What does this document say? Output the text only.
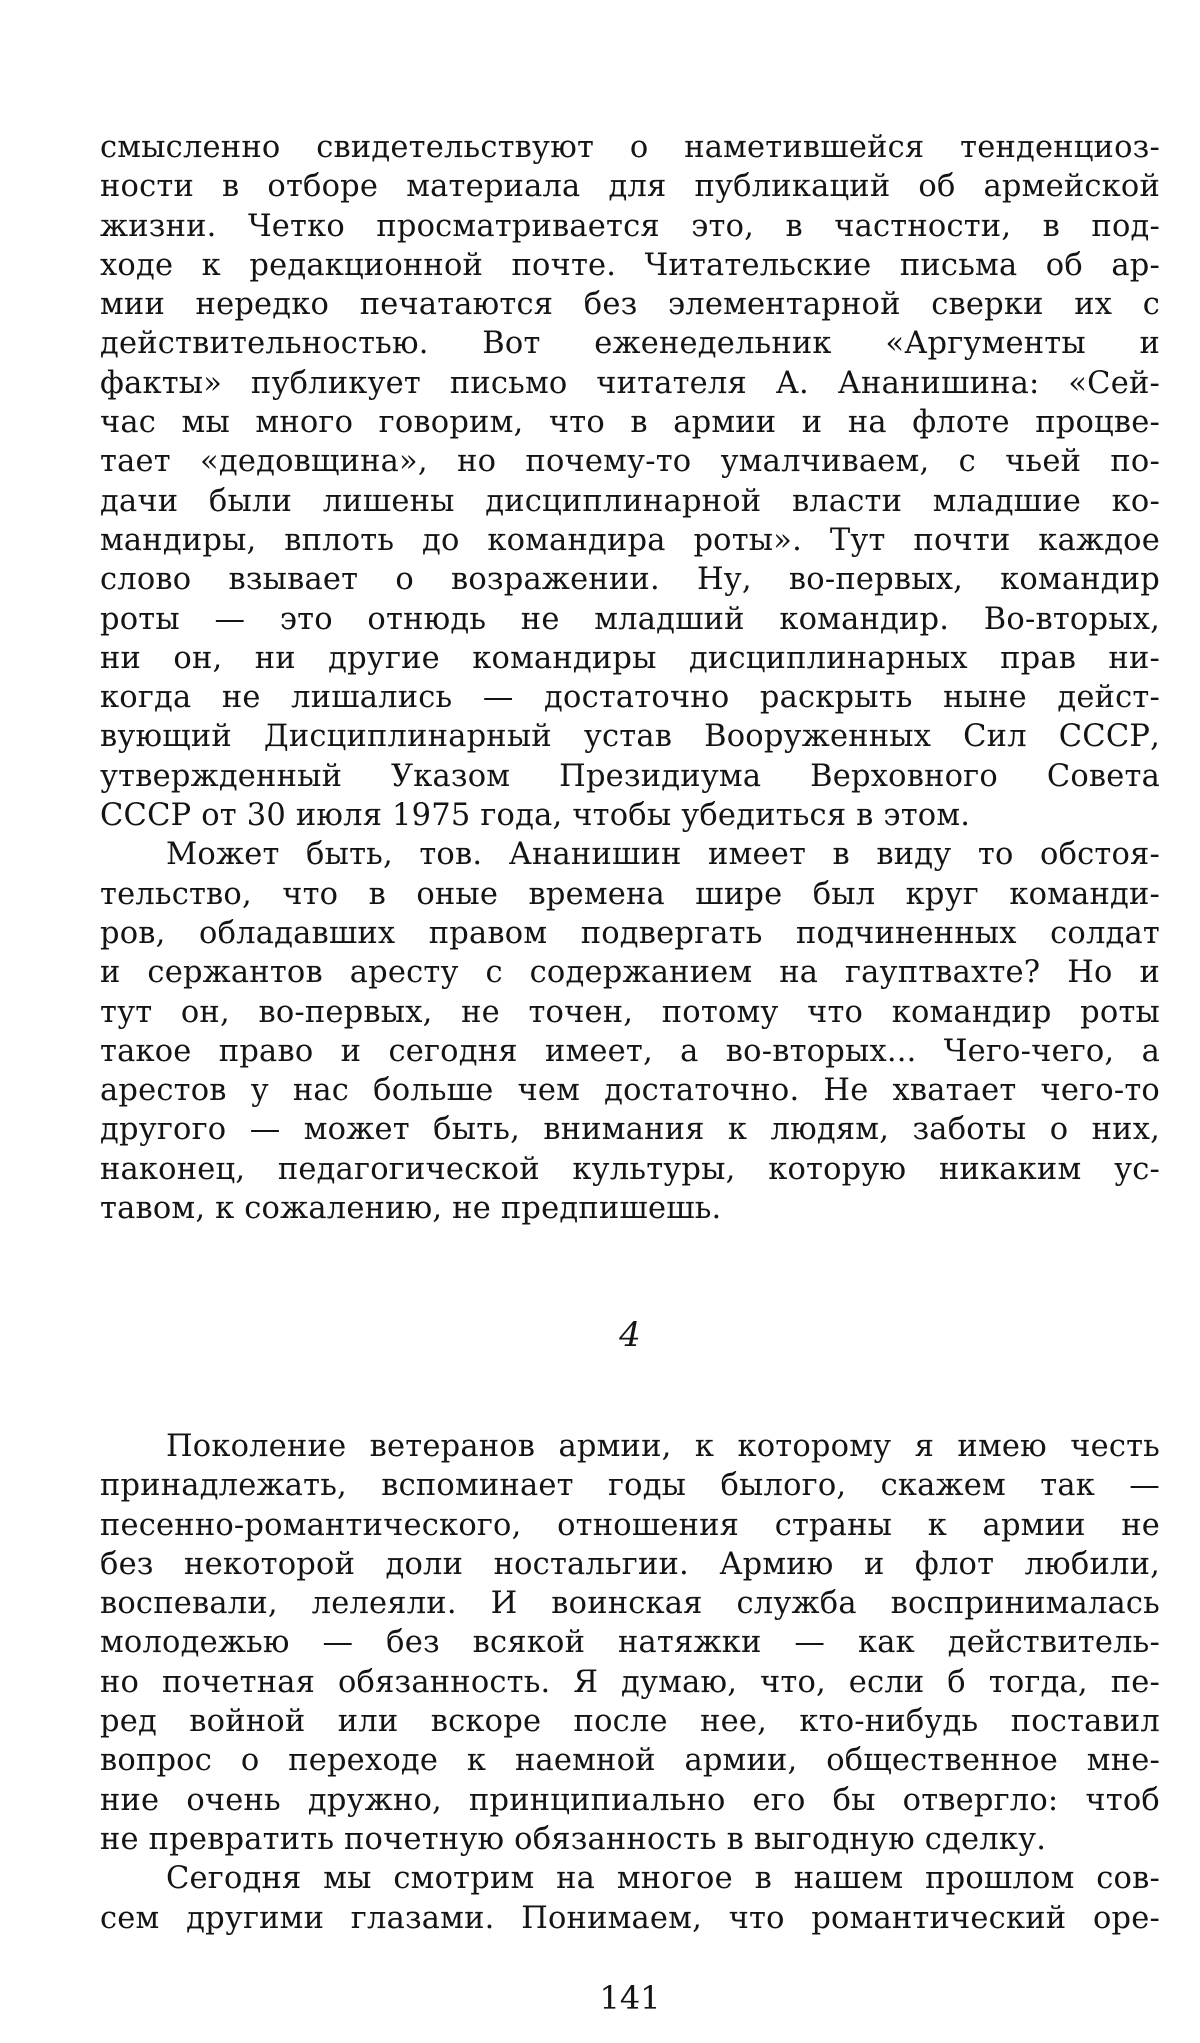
смысленно свидетельствуют о наметившейся тенденциоз-
ности в отборе материала для публикаций об армейской
жизни. Четко просматривается это, в частности, в под-
ходе к редакционной почте. Читательские письма об ар-
мии нередко печатаются без элементарной сверки их с
действительностью. Вот еженедельник «Аргументы и
факты» публикует письмо читателя А. Ананишина: «Сей-
час мы много говорим, что в армии и на флоте процве-
тает «дедовщина», но почему-то умалчиваем, с чьей по-
дачи были лишены дисциплинарной власти младшие ко-
мандиры, вплоть до командира роты». Тут почти каждое
слово взывает о возражении. Ну, во-первых, командир
роты — это отнюдь не младший командир. Во-вторых,
ни он, ни другие командиры дисциплинарных прав ни-
когда не лишались — достаточно раскрыть ныне дейст-
вующий Дисциплинарный устав Вооруженных Сил СССР,
утвержденный Указом Президиума Верховного Совета
СССР от 30 июля 1975 года, чтобы убедиться в этом.
Может быть, тов. Ананишин имеет в виду то обстоя-
тельство, что в оные времена шире был круг команди-
ров, обладавших правом подвергать подчиненных солдат
и сержантов аресту с содержанием на гауптвахте? Но и
тут он, во-первых, не точен, потому что командир роты
такое право и сегодня имеет, а во-вторых... Чего-чего, а
арестов у нас больше чем достаточно. Не хватает чего-то
другого — может быть, внимания к людям, заботы о них,
наконец, педагогической культуры, которую никаким ус-
тавом, к сожалению, не предпишешь.
4
Поколение ветеранов армии, к которому я имею честь
принадлежать, вспоминает годы былого, скажем так —
песенно-романтического, отношения страны к армии не
без некоторой доли ностальгии. Армию и флот любили,
воспевали, лелеяли. И воинская служба воспринималась
молодежью — без всякой натяжки — как действитель-
но почетная обязанность. Я думаю, что, если б тогда, пе-
ред войной или вскоре после нее, кто-нибудь поставил
вопрос о переходе к наемной армии, общественное мне-
ние очень дружно, принципиально его бы отвергло: чтоб
не превратить почетную обязанность в выгодную сделку.
Сегодня мы смотрим на многое в нашем прошлом сов-
сем другими глазами. Понимаем, что романтический оре-
141
